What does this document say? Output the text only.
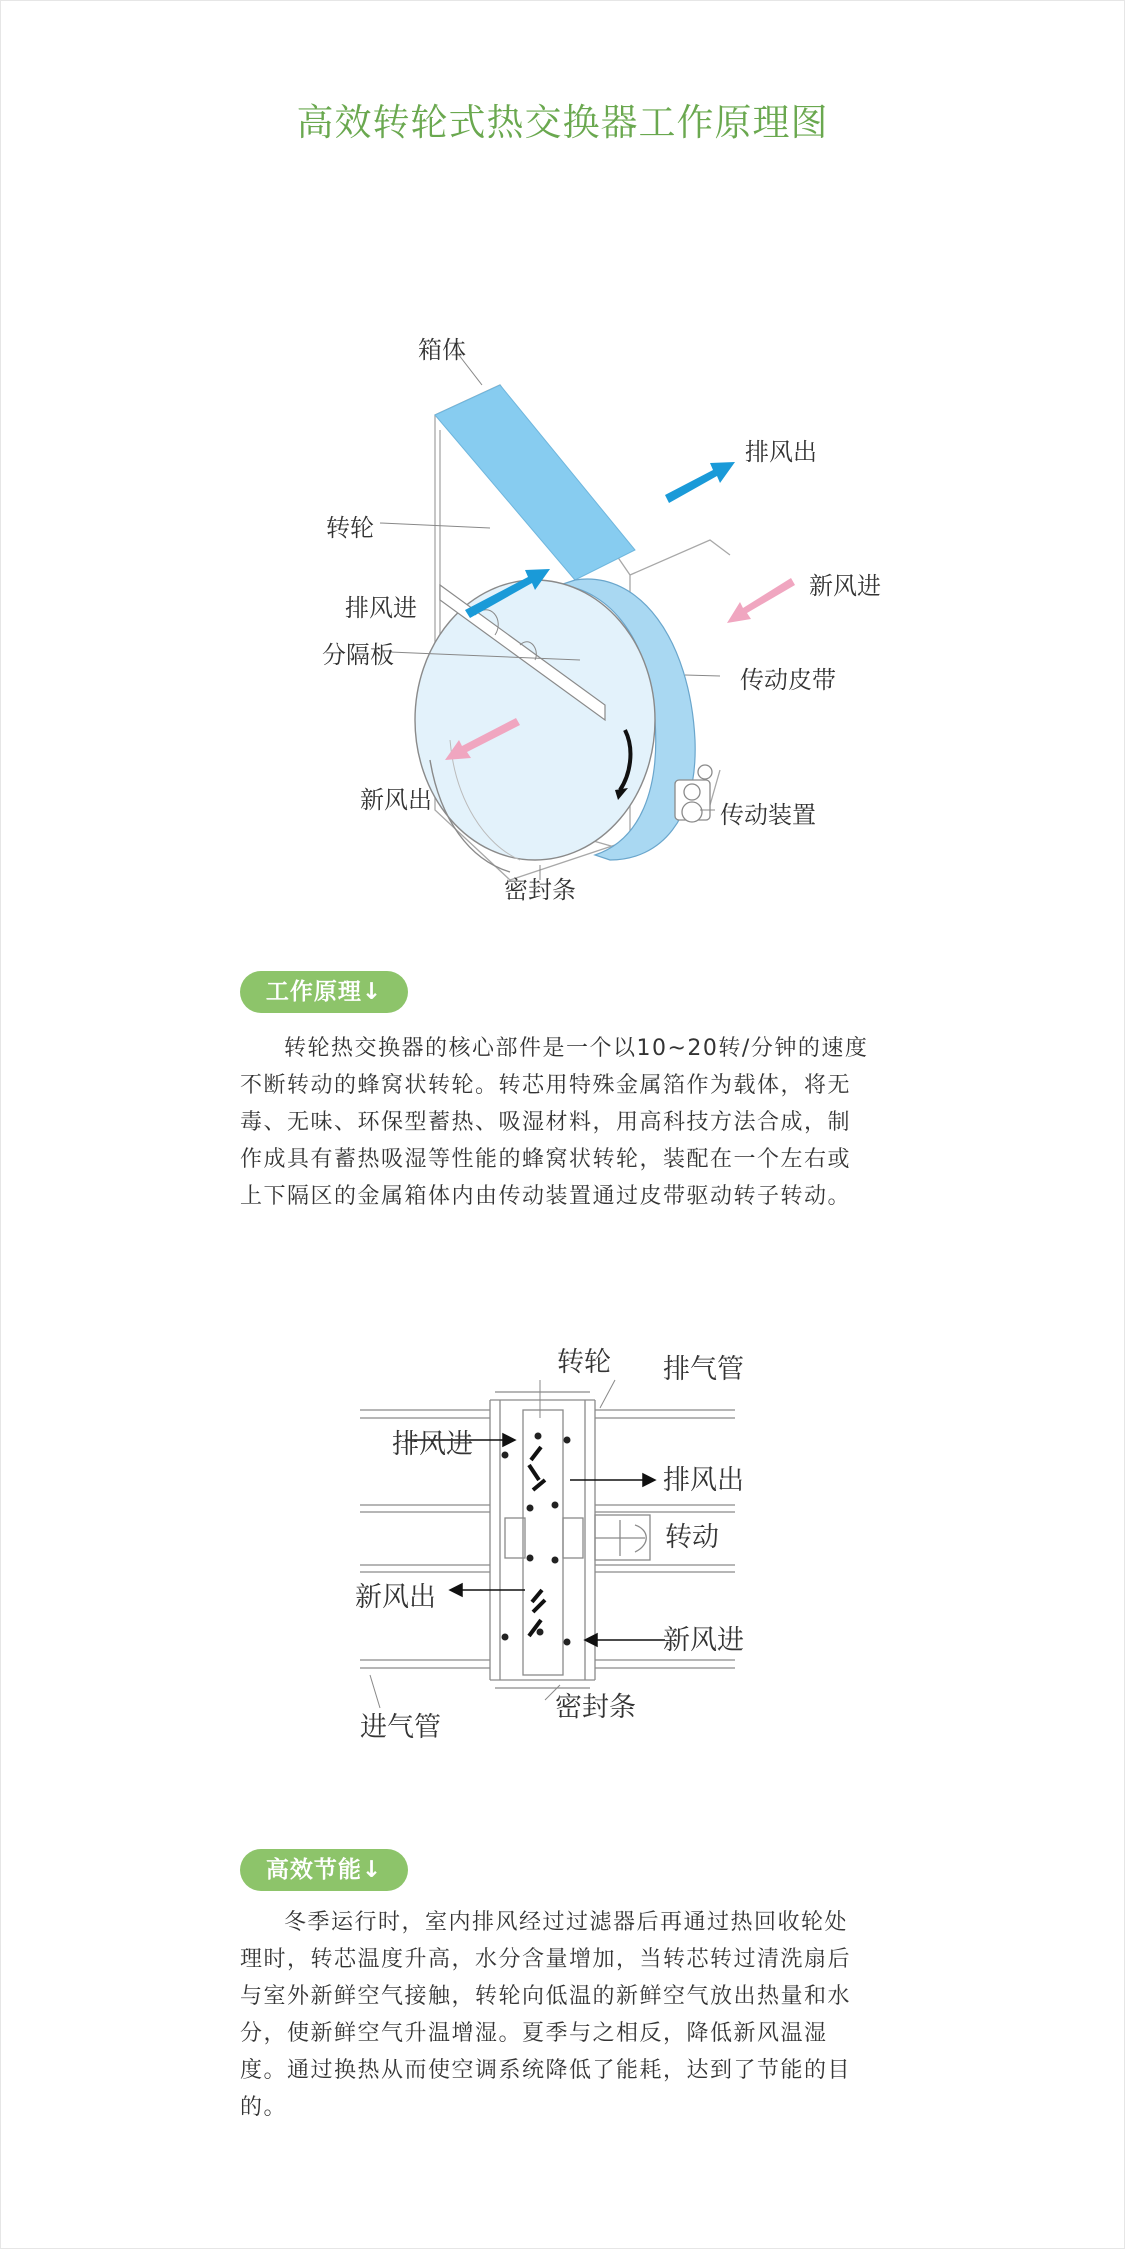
高效转轮式热交换器工作原理图
箱体
转轮
排风进
分隔板
新风出
密封条
排风出
新风进
传动皮带
传动装置
工作原理↓

转轮热交换器的核心部件是一个以10~20转/分钟的速度不断转动的蜂窝状转轮。转芯用特殊金属箔作为载体，将无毒、无味、环保型蓄热、吸湿材料，用高科技方法合成，制作成具有蓄热吸湿等性能的蜂窝状转轮，装配在一个左右或上下隔区的金属箱体内由传动装置通过皮带驱动转子转动。

转轮 排气管
排风进
排风出
转动
新风出
新风进
进气管
密封条
高效节能↓

冬季运行时，室内排风经过过滤器后再通过热回收轮处理时，转芯温度升高，水分含量增加，当转芯转过清洗扇后与室外新鲜空气接触，转轮向低温的新鲜空气放出热量和水分，使新鲜空气升温增湿。夏季与之相反，降低新风温湿度。通过换热从而使空调系统降低了能耗，达到了节能的目的。
